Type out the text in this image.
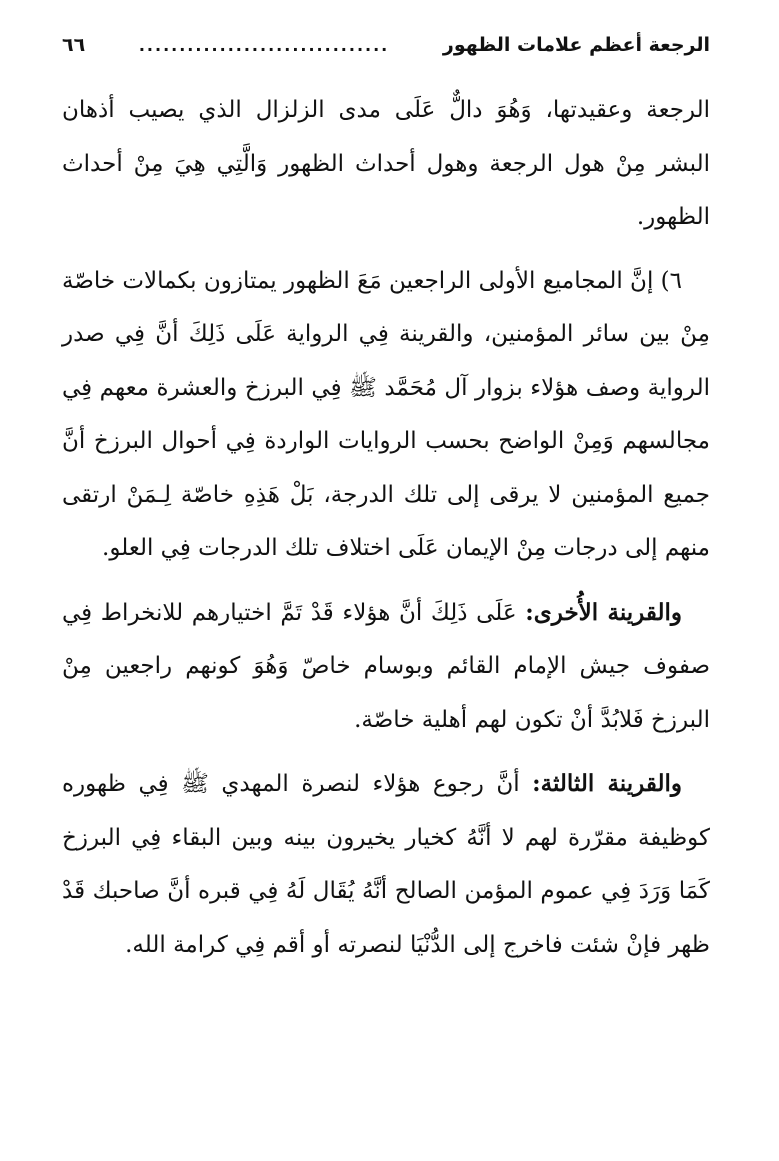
الرجعة أعظم علامات الظهور
...............................
٦٦

الرجعة وعقيدتها، وَهُوَ دالٌّ عَلَى مدى الزلزال الذي يصيب أذهان البشر مِنْ هول الرجعة وهول أحداث الظهور وَالَّتِي هِيَ مِنْ أحداث الظهور.

٦) إنَّ المجاميع الأولى الراجعين مَعَ الظهور يمتازون بكمالات خاصّة مِنْ بين سائر المؤمنين، والقرينة فِي الرواية عَلَى ذَلِكَ أنَّ فِي صدر الرواية وصف هؤلاء بزوار آل مُحَمَّد ﷺ فِي البرزخ والعشرة معهم فِي مجالسهم وَمِنْ الواضح بحسب الروايات الواردة فِي أحوال البرزخ أنَّ جميع المؤمنين لا يرقى إلى تلك الدرجة، بَلْ هَذِهِ خاصّة لِـمَنْ ارتقى منهم إلى درجات مِنْ الإيمان عَلَى اختلاف تلك الدرجات فِي العلو.

والقرينة الأُخرى: عَلَى ذَلِكَ أنَّ هؤلاء قَدْ تَمَّ اختيارهم للانخراط فِي صفوف جيش الإمام القائم وبوسام خاصّ وَهُوَ كونهم راجعين مِنْ البرزخ فَلابُدَّ أنْ تكون لهم أهلية خاصّة.

والقرينة الثالثة: أنَّ رجوع هؤلاء لنصرة المهدي ﷺ فِي ظهوره كوظيفة مقرّرة لهم لا أنَّهُ كخيار يخيرون بينه وبين البقاء فِي البرزخ كَمَا وَرَدَ فِي عموم المؤمن الصالح أنَّهُ يُقَال لَهُ فِي قبره أنَّ صاحبك قَدْ ظهر فإنْ شئت فاخرج إلى الدُّنْيَا لنصرته أو أقم فِي كرامة الله.
